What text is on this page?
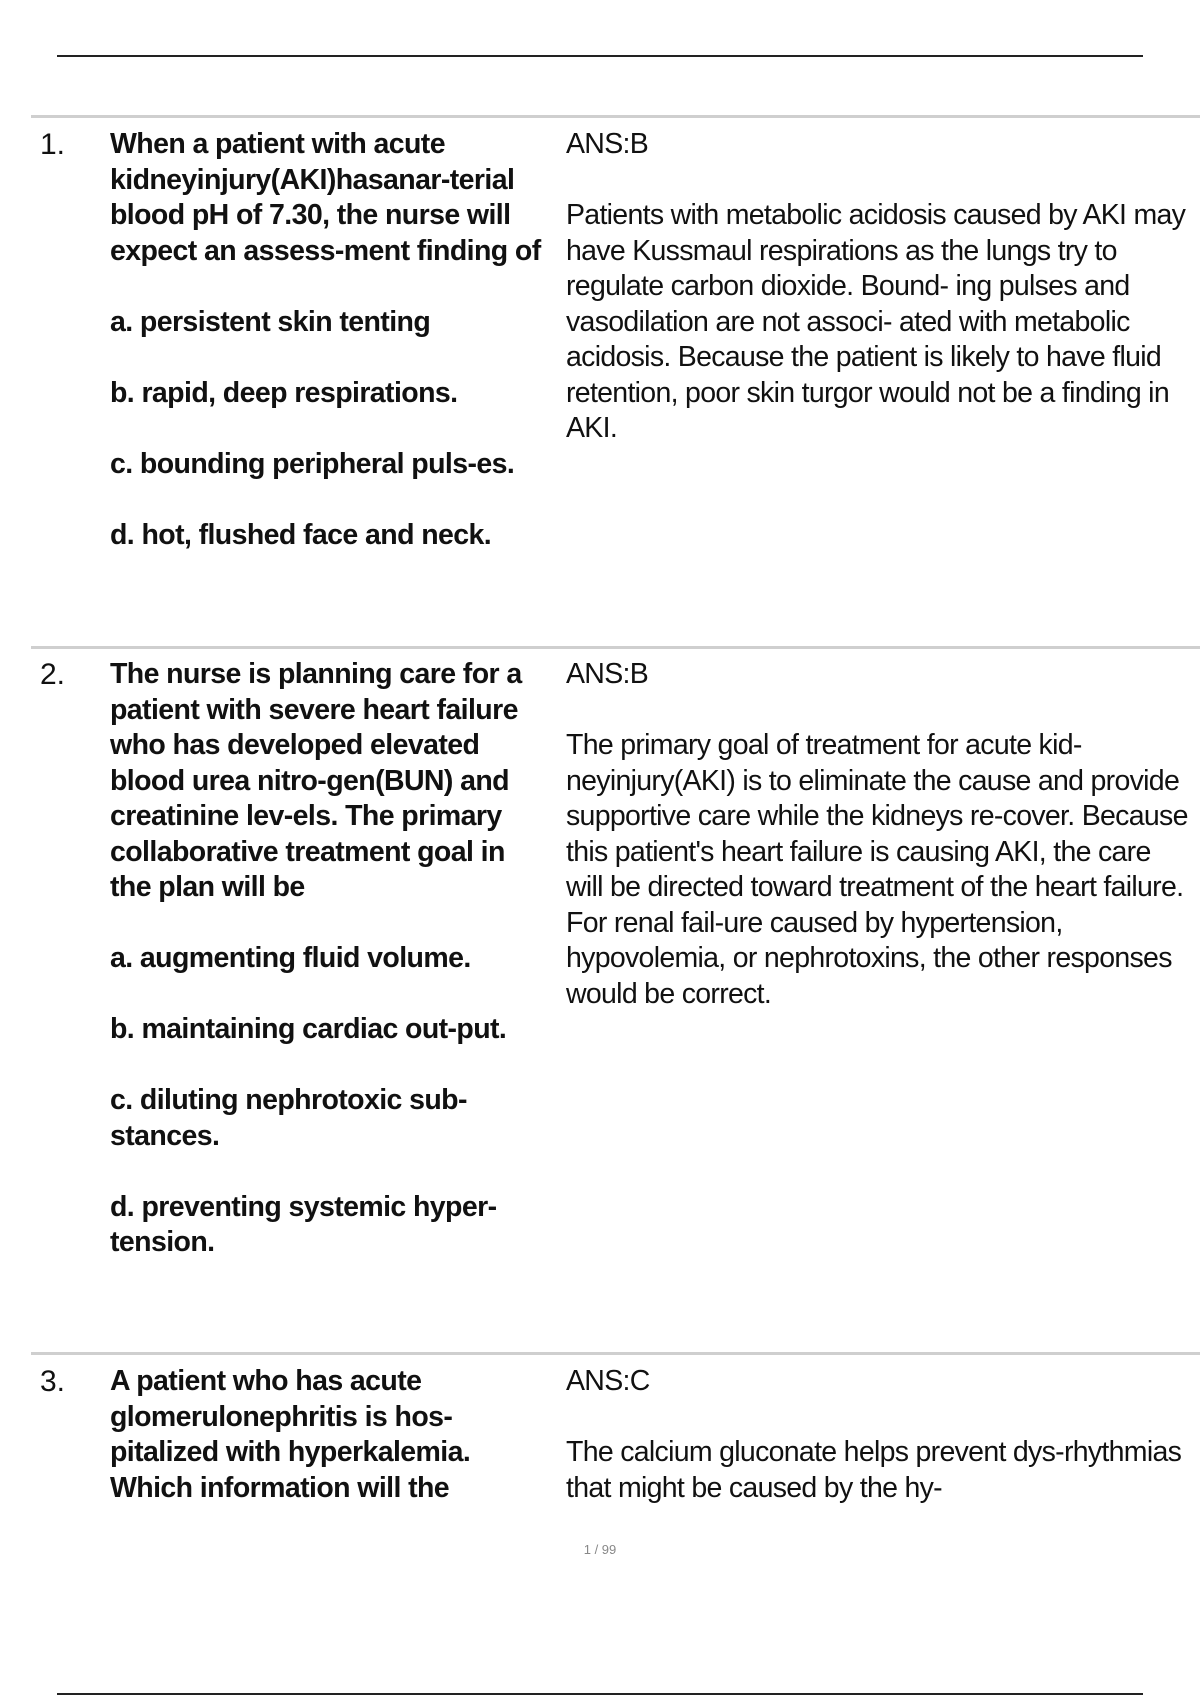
1. When a patient with acute kidneyinjury(AKI)hasanar-terial blood pH of 7.30, the nurse will expect an assess-ment finding of

a. persistent skin tenting

b. rapid, deep respirations.

c. bounding peripheral puls-es.

d. hot, flushed face and neck.

ANS:B

Patients with metabolic acidosis caused by AKI may have Kussmaul respirations as the lungs try to regulate carbon dioxide. Bound- ing pulses and vasodilation are not associ- ated with metabolic acidosis. Because the patient is likely to have fluid retention, poor skin turgor would not be a finding in AKI.

2. The nurse is planning care for a patient with severe heart failure who has developed elevated blood urea nitro-gen(BUN) and creatinine lev-els. The primary collaborative treatment goal in the plan will be

a. augmenting fluid volume.

b. maintaining cardiac out-put.

c. diluting nephrotoxic sub-stances.

d. preventing systemic hyper-tension.

ANS:B

The primary goal of treatment for acute kid-neyinjury(AKI) is to eliminate the cause and provide supportive care while the kidneys re-cover. Because this patient's heart failure is causing AKI, the care will be directed toward treatment of the heart failure. For renal fail-ure caused by hypertension, hypovolemia, or nephrotoxins, the other responses would be correct.

3. A patient who has acute glomerulonephritis is hos-pitalized with hyperkalemia. Which information will the

ANS:C

The calcium gluconate helps prevent dys-rhythmias that might be caused by the hy-

1 / 99
